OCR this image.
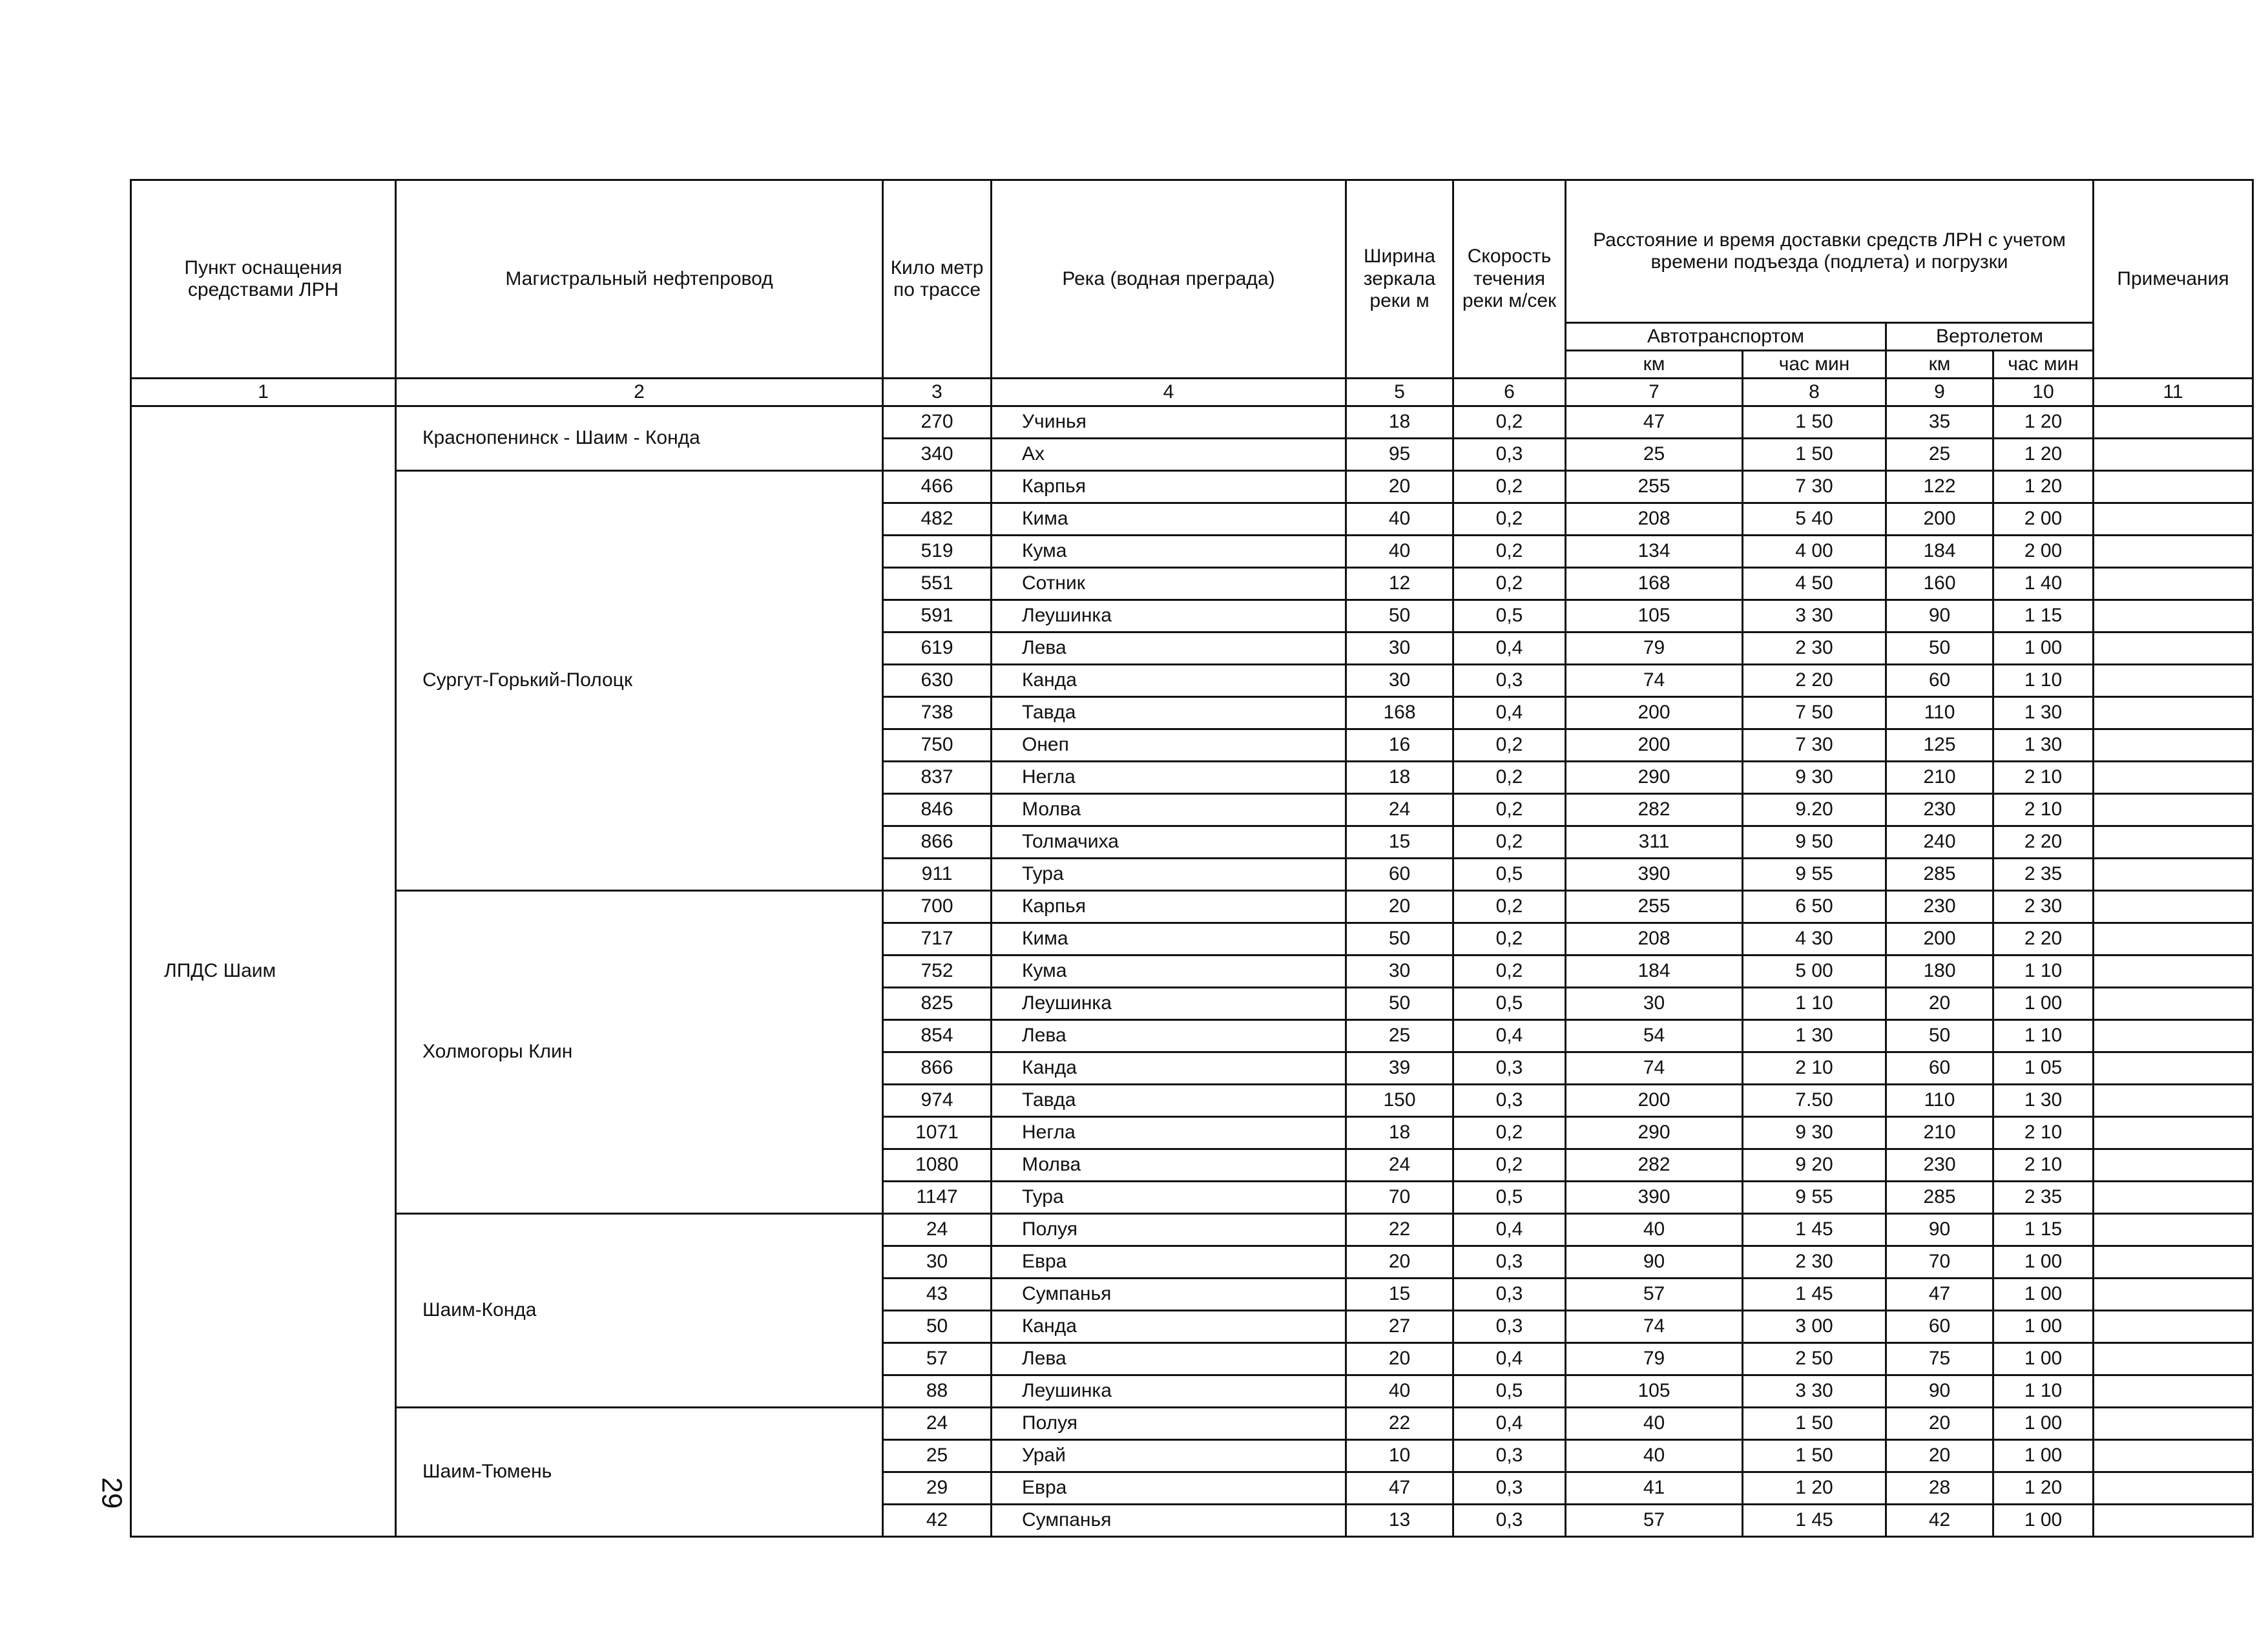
Пункт оснащения средствами ЛРН	Магистральный нефтепровод	Кило метр по трассе	Река (водная преграда)	Ширина зеркала реки м	Скорость течения реки м/сек	Расстояние и время доставки средств ЛРН с учетом времени подъезда (подлета) и погрузки				Примечания
						Автотранспортом		Вертолетом		
						км	час мин	км	час мин	
1	2	3	4	5	6	7	8	9	10	11
ЛПДС Шаим	Краснопенинск - Шаим - Конда	270	Учинья	18	0,2	47	1 50	35	1 20	
		340	Ах	95	0,3	25	1 50	25	1 20	
	Сургут-Горький-Полоцк	466	Карпья	20	0,2	255	7 30	122	1 20	
		482	Кима	40	0,2	208	5 40	200	2 00	
		519	Кума	40	0,2	134	4 00	184	2 00	
		551	Сотник	12	0,2	168	4 50	160	1 40	
		591	Леушинка	50	0,5	105	3 30	90	1 15	
		619	Лева	30	0,4	79	2 30	50	1 00	
		630	Канда	30	0,3	74	2 20	60	1 10	
		738	Тавда	168	0,4	200	7 50	110	1 30	
		750	Онеп	16	0,2	200	7 30	125	1 30	
		837	Негла	18	0,2	290	9 30	210	2 10	
		846	Молва	24	0,2	282	9.20	230	2 10	
		866	Толмачиха	15	0,2	311	9 50	240	2 20	
		911	Тура	60	0,5	390	9 55	285	2 35	
	Холмогоры Клин	700	Карпья	20	0,2	255	6 50	230	2 30	
		717	Кима	50	0,2	208	4 30	200	2 20	
		752	Кума	30	0,2	184	5 00	180	1 10	
		825	Леушинка	50	0,5	30	1 10	20	1 00	
		854	Лева	25	0,4	54	1 30	50	1 10	
		866	Канда	39	0,3	74	2 10	60	1 05	
		974	Тавда	150	0,3	200	7.50	110	1 30	
		1071	Негла	18	0,2	290	9 30	210	2 10	
		1080	Молва	24	0,2	282	9 20	230	2 10	
		1147	Тура	70	0,5	390	9 55	285	2 35	
	Шаим-Конда	24	Полуя	22	0,4	40	1 45	90	1 15	
		30	Евра	20	0,3	90	2 30	70	1 00	
		43	Сумпанья	15	0,3	57	1 45	47	1 00	
		50	Канда	27	0,3	74	3 00	60	1 00	
		57	Лева	20	0,4	79	2 50	75	1 00	
		88	Леушинка	40	0,5	105	3 30	90	1 10	
	Шаим-Тюмень	24	Полуя	22	0,4	40	1 50	20	1 00	
		25	Урай	10	0,3	40	1 50	20	1 00	
		29	Евра	47	0,3	41	1 20	28	1 20	
		42	Сумпанья	13	0,3	57	1 45	42	1 00	
29
